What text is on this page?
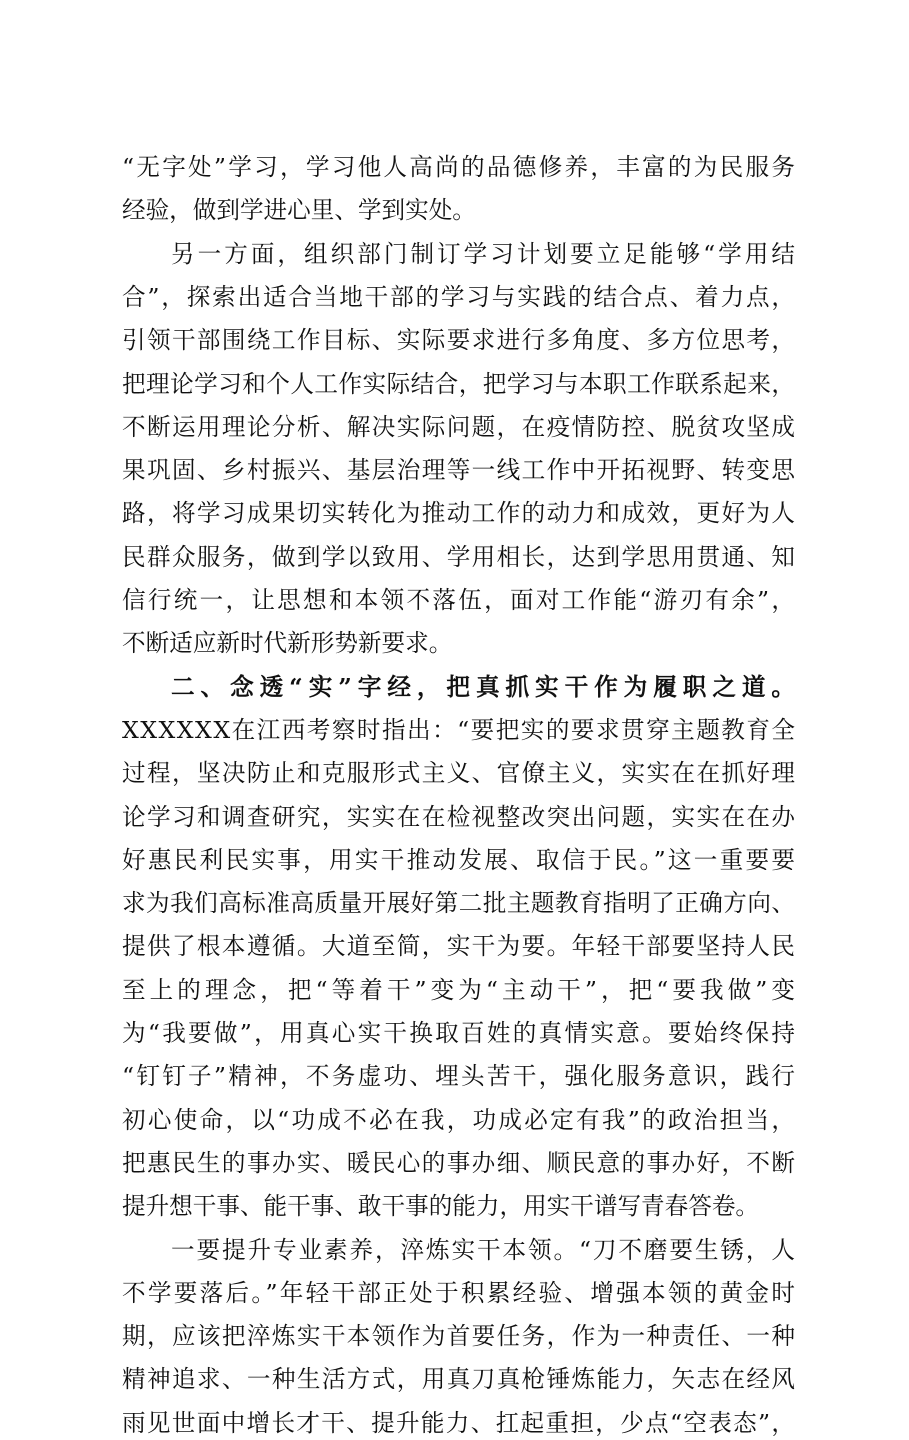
“无字处”学习，学习他人高尚的品德修养，丰富的为民服务
经验，做到学进心里、学到实处。
另一方面，组织部门制订学习计划要立足能够“学用结
合”，探索出适合当地干部的学习与实践的结合点、着力点，
引领干部围绕工作目标、实际要求进行多角度、多方位思考，
把理论学习和个人工作实际结合，把学习与本职工作联系起来，
不断运用理论分析、解决实际问题，在疫情防控、脱贫攻坚成
果巩固、乡村振兴、基层治理等一线工作中开拓视野、转变思
路，将学习成果切实转化为推动工作的动力和成效，更好为人
民群众服务，做到学以致用、学用相长，达到学思用贯通、知
信行统一，让思想和本领不落伍，面对工作能“游刃有余”，
不断适应新时代新形势新要求。
二、念透“实”字经，把真抓实干作为履职之道。
XXXXXX在江西考察时指出：“要把实的要求贯穿主题教育全
过程，坚决防止和克服形式主义、官僚主义，实实在在抓好理
论学习和调查研究，实实在在检视整改突出问题，实实在在办
好惠民利民实事，用实干推动发展、取信于民。”这一重要要
求为我们高标准高质量开展好第二批主题教育指明了正确方向、
提供了根本遵循。大道至简，实干为要。年轻干部要坚持人民
至上的理念，把“等着干”变为“主动干”，把“要我做”变
为“我要做”，用真心实干换取百姓的真情实意。要始终保持
“钉钉子”精神，不务虚功、埋头苦干，强化服务意识，践行
初心使命，以“功成不必在我，功成必定有我”的政治担当，
把惠民生的事办实、暖民心的事办细、顺民意的事办好，不断
提升想干事、能干事、敢干事的能力，用实干谱写青春答卷。
一要提升专业素养，淬炼实干本领。“刀不磨要生锈，人
不学要落后。”年轻干部正处于积累经验、增强本领的黄金时
期，应该把淬炼实干本领作为首要任务，作为一种责任、一种
精神追求、一种生活方式，用真刀真枪锤炼能力，矢志在经风
雨见世面中增长才干、提升能力、扛起重担，少点“空表态”，
